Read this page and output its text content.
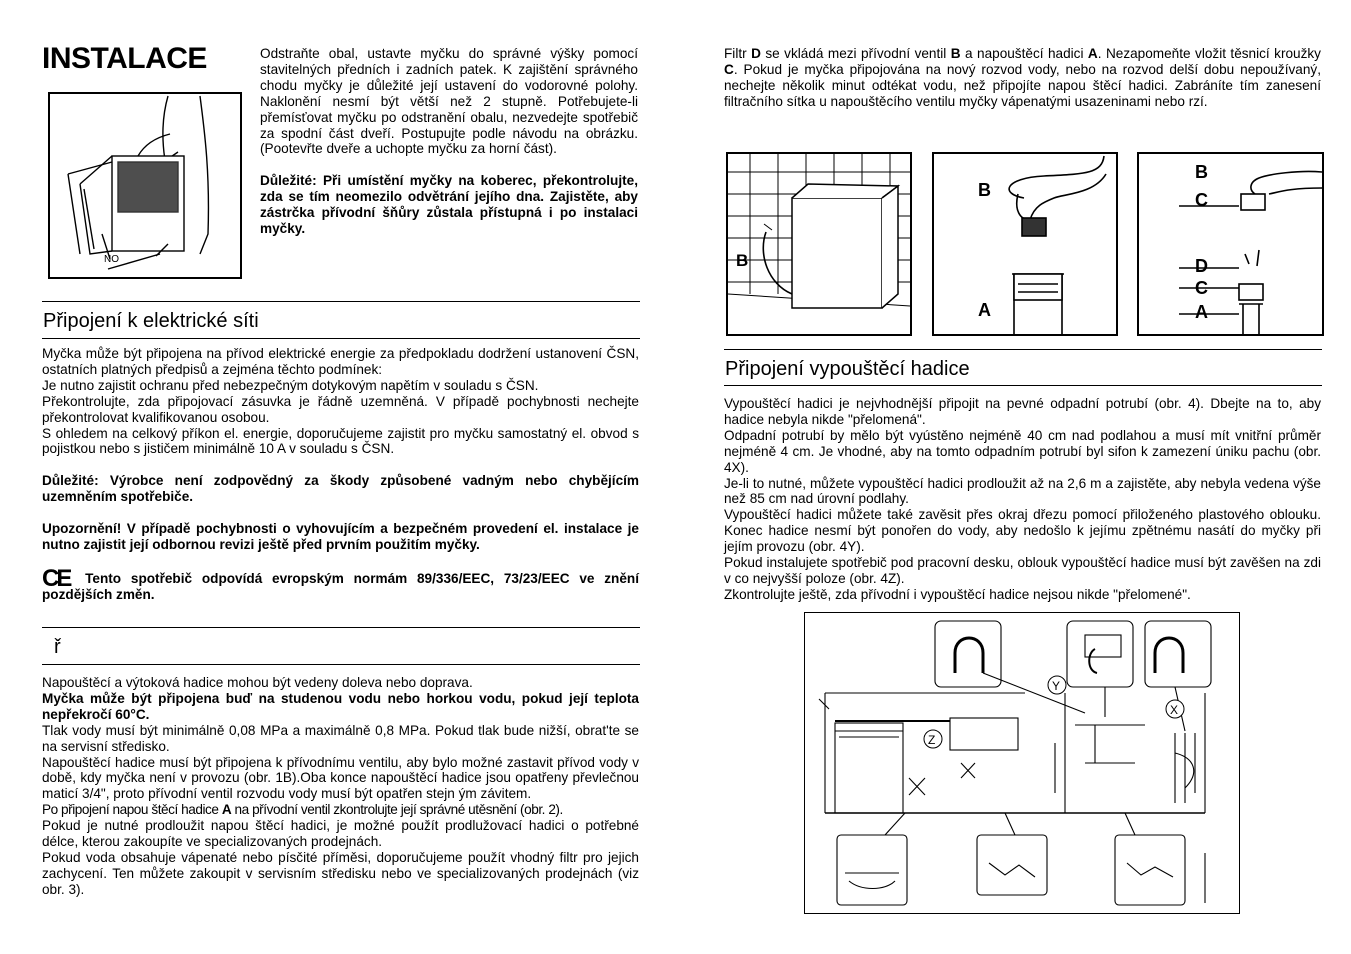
INSTALACE
NO

Odstraňte obal, ustavte myčku do správné výšky pomocí stavitelných předních i zadních patek. K zajištění správného chodu myčky je důležité její ustavení do vodorovné polohy. Naklonění nesmí být větší než 2 stupně. Potřebujete-li přemísťovat myčku po odstranění obalu, nezvedejte spotřebič za spodní část dveří. Postupujte podle návodu na obrázku. (Pootevřte dveře a uchopte myčku za horní část).

Důležité: Při umístění myčky na koberec, překontrolujte, zda se tím neomezilo odvětrání jejího dna. Zajistěte, aby zástrčka přívodní šňůry zůstala přístupná i po instalaci myčky.

Připojení k elektrické síti

Myčka může být připojena na přívod elektrické energie za předpokladu dodržení ustanovení ČSN, ostatních platných předpisů a zejména těchto podmínek:

Je nutno zajistit ochranu před nebezpečným dotykovým napětím v souladu s ČSN.

Překontrolujte, zda připojovací zásuvka je řádně uzemněná. V případě pochybnosti nechejte překontrolovat kvalifikovanou osobou.

S ohledem na celkový příkon el. energie, doporučujeme zajistit pro myčku samostatný el. obvod s pojistkou nebo s jističem minimálně 10 A v souladu s ČSN.

Důležité: Výrobce není zodpovědný za škody způsobené vadným nebo chybějícím uzemněním spotřebiče.

Upozornění! V případě pochybnosti o vyhovujícím a bezpečném provedení el. instalace je nutno zajistit její odbornou revizi ještě před prvním použitím myčky.

CE Tento spotřebič odpovídá evropským normám 89/336/EEC, 73/23/EEC ve znění pozdějších změn.

ř

Napouštěcí a výtoková hadice mohou být vedeny doleva nebo doprava.

Myčka může být připojena buď na studenou vodu nebo horkou vodu, pokud její teplota nepřekročí 60°C.

Tlak vody musí být minimálně 0,08 MPa a maximálně 0,8 MPa. Pokud tlak bude nižší, obrat'te se na servisní středisko.

Napouštěcí hadice musí být připojena k přívodnímu ventilu, aby bylo možné zastavit přívod vody v době, kdy myčka není v provozu (obr. 1B).Oba konce napouštěcí hadice jsou opatřeny převlečnou maticí 3/4", proto přívodní ventil rozvodu vody musí být opatřen stejn ým závitem.

Po připojení napou štěcí hadice A na přívodní ventil zkontrolujte její správné utěsnění (obr. 2).

Pokud je nutné prodloužit napou štěcí hadici, je možné použít prodlužovací hadici o potřebné délce, kterou zakoupíte ve specializovaných prodejnách.

Pokud voda obsahuje vápenaté nebo písčité příměsi, doporučujeme použít vhodný filtr pro jejich zachycení. Ten můžete zakoupit v servisním středisku nebo ve specializovaných prodejnách (viz obr. 3).

Filtr D se vkládá mezi přívodní ventil B a napouštěcí hadici A. Nezapomeňte vložit těsnicí kroužky C. Pokud je myčka připojována na nový rozvod vody, nebo na rozvod delší dobu nepoužívaný, nechejte několik minut odtékat vodu, než připojíte napou štěcí hadici. Zabráníte tím zanesení filtračního sítka u napouštěcího ventilu myčky vápenatými usazeninami nebo rzí.

B
B
A
B
C
D
C
A
Připojení vypouštěcí hadice

Vypouštěcí hadici je nejvhodnější připojit na pevné odpadní potrubí (obr. 4). Dbejte na to, aby hadice nebyla nikde "přelomená".

Odpadní potrubí by mělo být vyústěno nejméně 40 cm nad podlahou a musí mít vnitřní průměr nejméně 4 cm. Je vhodné, aby na tomto odpadním potrubí byl sifon k zamezení úniku pachu (obr. 4X).

Je-li to nutné, můžete vypouštěcí hadici prodloužit až na 2,6 m a zajistěte, aby nebyla vedena výše než 85 cm nad úrovní podlahy.

Vypouštěcí hadici můžete také zavěsit přes okraj dřezu pomocí přiloženého plastového oblouku. Konec hadice nesmí být ponořen do vody, aby nedošlo k jejímu zpětnému nasátí do myčky při jejím provozu (obr. 4Y).

Pokud instalujete spotřebič pod pracovní desku, oblouk vypouštěcí hadice musí být zavěšen na zdi v co nejvyšší poloze (obr. 4Z).

Zkontrolujte ještě, zda přívodní i vypouštěcí hadice nejsou nikde "přelomené".

Y
X
Z
